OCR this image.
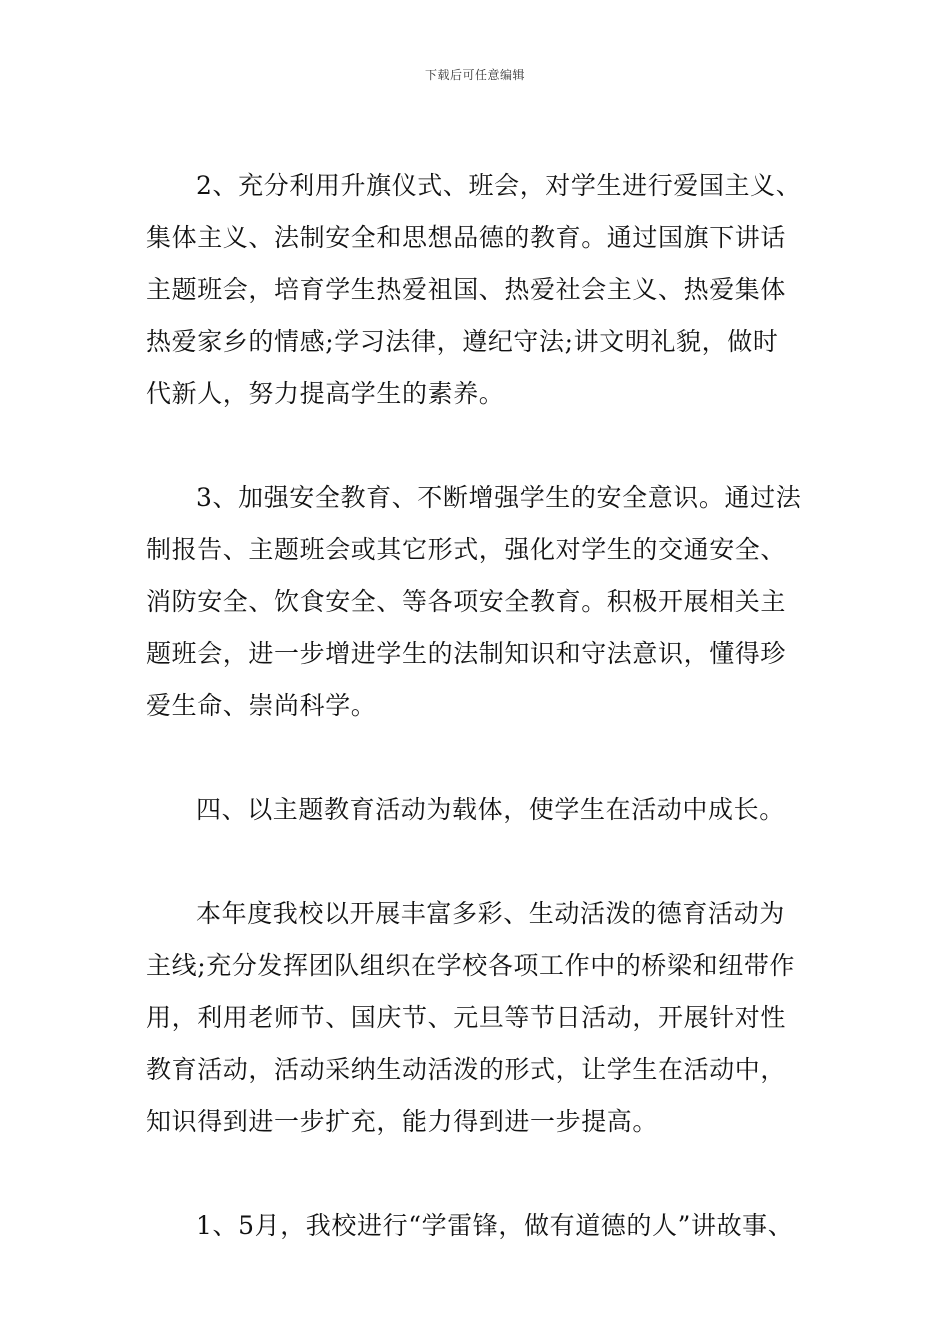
下载后可任意编辑

2、充分利用升旗仪式、班会，对学生进行爱国主义、
集体主义、法制安全和思想品德的教育。通过国旗下讲话
主题班会，培育学生热爱祖国、热爱社会主义、热爱集体
热爱家乡的情感;学习法律，遵纪守法;讲文明礼貌，做时
代新人，努力提高学生的素养。

3、加强安全教育、不断增强学生的安全意识。通过法
制报告、主题班会或其它形式，强化对学生的交通安全、
消防安全、饮食安全、等各项安全教育。积极开展相关主
题班会，进一步增进学生的法制知识和守法意识，懂得珍
爱生命、崇尚科学。

四、以主题教育活动为载体，使学生在活动中成长。

本年度我校以开展丰富多彩、生动活泼的德育活动为
主线;充分发挥团队组织在学校各项工作中的桥梁和纽带作
用，利用老师节、国庆节、元旦等节日活动，开展针对性
教育活动，活动采纳生动活泼的形式，让学生在活动中，
知识得到进一步扩充，能力得到进一步提高。

1、5月，我校进行“学雷锋，做有道德的人”讲故事、
